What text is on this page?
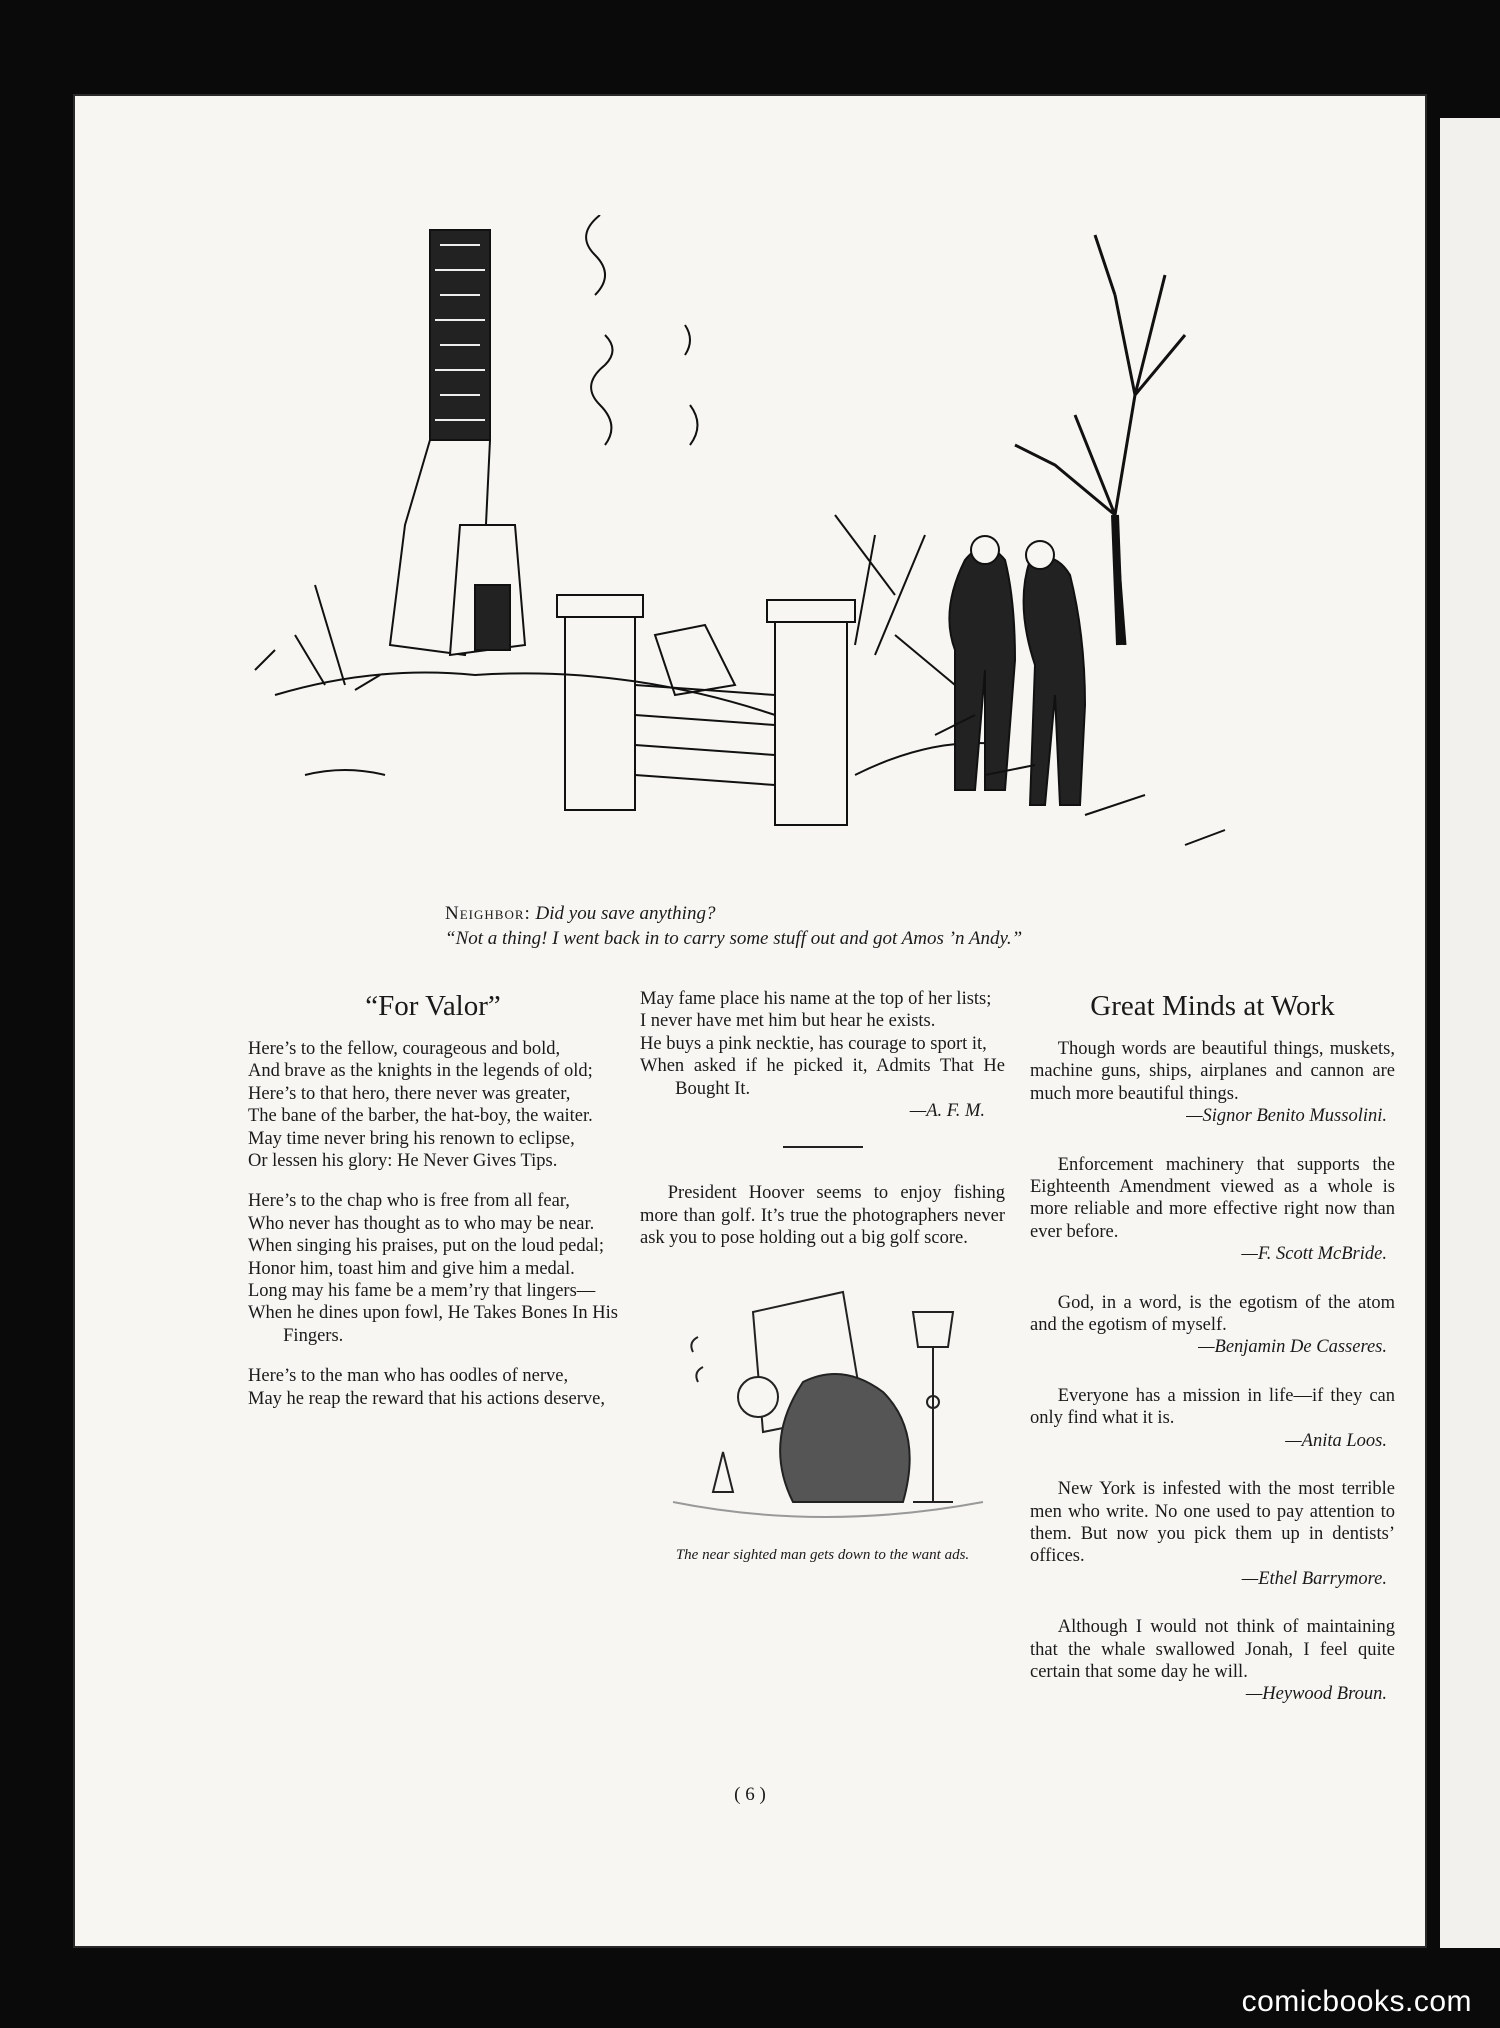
Neighbor: Did you save anything?
“Not a thing! I went back in to carry some stuff out and got Amos ’n Andy.”
“For Valor”

Here’s to the fellow, courageous and bold,

And brave as the knights in the legends of old;

Here’s to that hero, there never was greater,

The bane of the barber, the hat-boy, the waiter.

May time never bring his renown to eclipse,

Or lessen his glory: He Never Gives Tips.

Here’s to the chap who is free from all fear,

Who never has thought as to who may be near.

When singing his praises, put on the loud pedal;

Honor him, toast him and give him a medal.

Long may his fame be a mem’ry that lingers—

When he dines upon fowl, He Takes Bones In His Fingers.

Here’s to the man who has oodles of nerve,

May he reap the reward that his actions deserve,

May fame place his name at the top of her lists;

I never have met him but hear he exists.

He buys a pink necktie, has courage to sport it,

When asked if he picked it, Admits That He Bought It.

—A. F. M.

President Hoover seems to enjoy fishing more than golf. It’s true the photographers never ask you to pose holding out a big golf score.

The near sighted man gets down to the want ads.
Great Minds at Work

Though words are beautiful things, muskets, machine guns, ships, airplanes and cannon are much more beautiful things.

—Signor Benito Mussolini.

Enforcement machinery that supports the Eighteenth Amendment viewed as a whole is more reliable and more effective right now than ever before.

—F. Scott McBride.

God, in a word, is the egotism of the atom and the egotism of myself.

—Benjamin De Casseres.

Everyone has a mission in life—if they can only find what it is.

—Anita Loos.

New York is infested with the most terrible men who write. No one used to pay attention to them. But now you pick them up in dentists’ offices.

—Ethel Barrymore.

Although I would not think of maintaining that the whale swallowed Jonah, I feel quite certain that some day he will.

—Heywood Broun.

( 6 )
comicbooks.com
